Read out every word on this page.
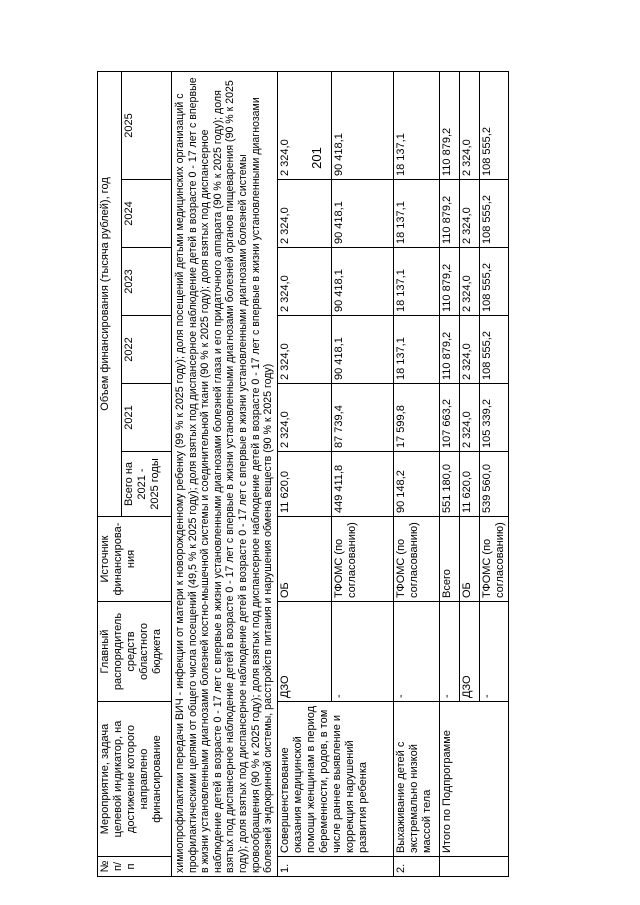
201
№ п/п	Мероприятие, задача целевой индикатор, на достижение которого направлено финансирование	Главный распорядитель средств областного бюджета	Источник финансирова-ния	Объем финансирования (тысяча рублей), год					
				Всего на 2021 - 2025 годы	2021	2022	2023	2024	2025
химиопрофилактики передачи ВИЧ - инфекции от матери к новорожденному ребенку (99 % к 2025 году); доля посещений детьми медицинских организаций с профилактическими целями от общего числа посещений (49,5 % к 2025 году); доля взятых под диспансерное наблюдение детей в возрасте 0 - 17 лет с впервые в жизни установленными диагнозами болезней костно-мышечной системы и соединительной ткани (90 % к 2025 году); доля взятых под диспансерное наблюдение детей в возрасте 0 - 17 лет с впервые в жизни установленными диагнозами болезней глаза и его придаточного аппарата (90 % к 2025 году); доля взятых под диспансерное наблюдение детей в возрасте 0 - 17 лет с впервые в жизни установленными диагнозами болезней органов пищеварения (90 % к 2025 году); доля взятых под диспансерное наблюдение детей в возрасте 0 - 17 лет с впервые в жизни установленными диагнозами болезней системы кровообращения (90 % к 2025 году); доля взятых под диспансерное наблюдение детей в возрасте 0 - 17 лет с впервые в жизни установленными диагнозами болезней эндокринной системы, расстройств питания и нарушения обмена веществ (90 % к 2025 году)									
1.	Совершенствование оказания медицинской помощи женщинам в период беременности, родов, в том числе раннее выявление и коррекция нарушений развития ребенка	ДЗО	ОБ	11 620,0	2 324,0	2 324,0	2 324,0	2 324,0	2 324,0
		-	ТФОМС (по согласованию)	449 411,8	87 739,4	90 418,1	90 418,1	90 418,1	90 418,1
2.	Выхаживание детей с экстремально низкой массой тела	-	ТФОМС (по согласованию)	90 148,2	17 599,8	18 137,1	18 137,1	18 137,1	18 137,1
	Итого по Подпрограмме	-	Всего	551 180,0	107 663,2	110 879,2	110 879,2	110 879,2	110 879,2
		ДЗО	ОБ	11 620,0	2 324,0	2 324,0	2 324,0	2 324,0	2 324,0
		-	ТФОМС (по согласованию)	539 560,0	105 339,2	108 555,2	108 555,2	108 555,2	108 555,2
